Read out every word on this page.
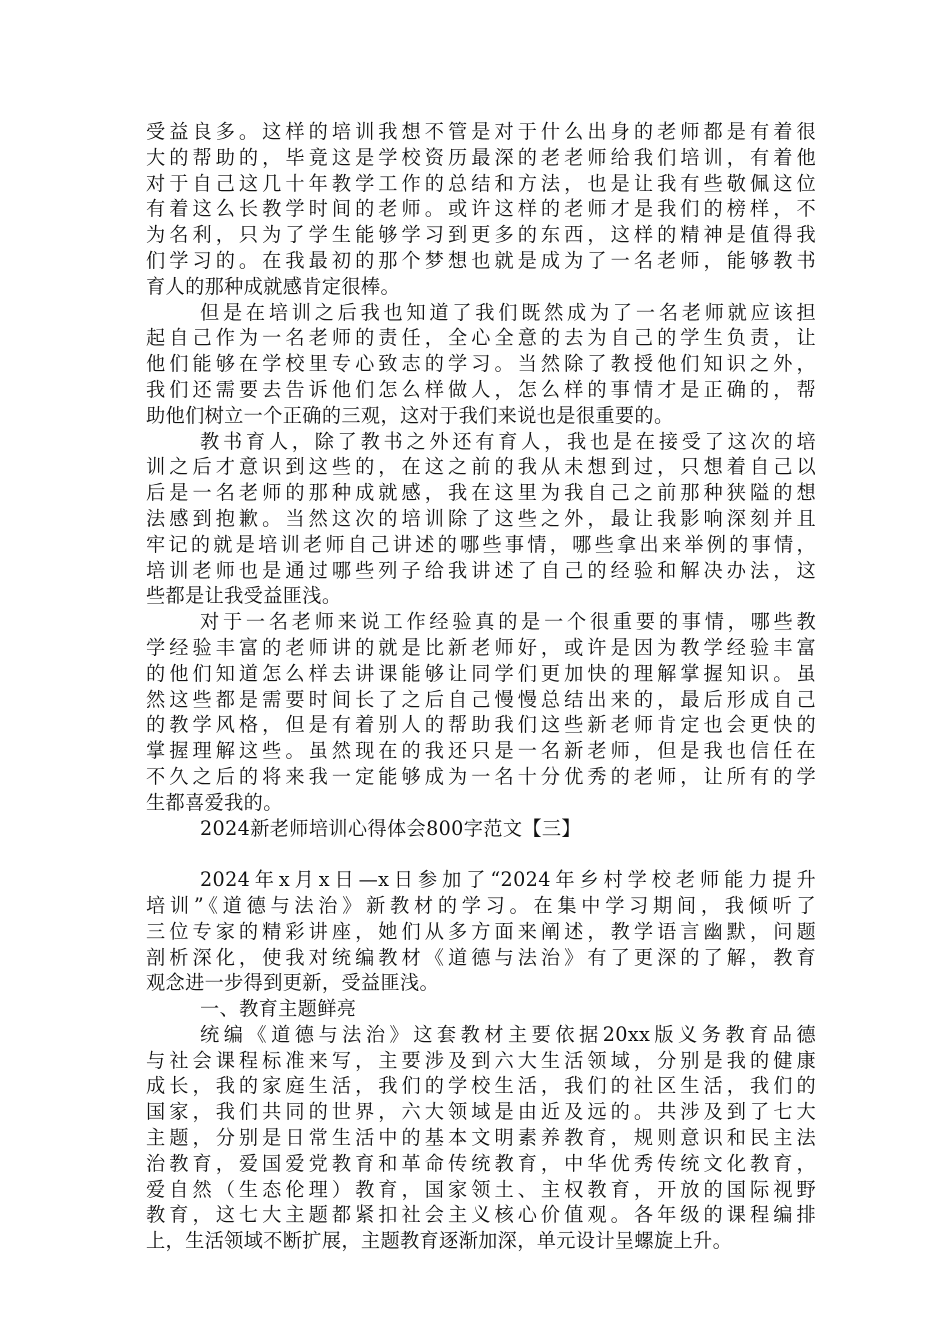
受益良多。这样的培训我想不管是对于什么出身的老师都是有着很
大的帮助的，毕竟这是学校资历最深的老老师给我们培训，有着他
对于自己这几十年教学工作的总结和方法，也是让我有些敬佩这位
有着这么长教学时间的老师。或许这样的老师才是我们的榜样，不
为名利，只为了学生能够学习到更多的东西，这样的精神是值得我
们学习的。在我最初的那个梦想也就是成为了一名老师，能够教书
育人的那种成就感肯定很棒。
但是在培训之后我也知道了我们既然成为了一名老师就应该担
起自己作为一名老师的责任，全心全意的去为自己的学生负责，让
他们能够在学校里专心致志的学习。当然除了教授他们知识之外，
我们还需要去告诉他们怎么样做人，怎么样的事情才是正确的，帮
助他们树立一个正确的三观，这对于我们来说也是很重要的。
教书育人，除了教书之外还有育人，我也是在接受了这次的培
训之后才意识到这些的，在这之前的我从未想到过，只想着自己以
后是一名老师的那种成就感，我在这里为我自己之前那种狭隘的想
法感到抱歉。当然这次的培训除了这些之外，最让我影响深刻并且
牢记的就是培训老师自己讲述的哪些事情，哪些拿出来举例的事情，
培训老师也是通过哪些列子给我讲述了自己的经验和解决办法，这
些都是让我受益匪浅。
对于一名老师来说工作经验真的是一个很重要的事情，哪些教
学经验丰富的老师讲的就是比新老师好，或许是因为教学经验丰富
的他们知道怎么样去讲课能够让同学们更加快的理解掌握知识。虽
然这些都是需要时间长了之后自己慢慢总结出来的，最后形成自己
的教学风格，但是有着别人的帮助我们这些新老师肯定也会更快的
掌握理解这些。虽然现在的我还只是一名新老师，但是我也信任在
不久之后的将来我一定能够成为一名十分优秀的老师，让所有的学
生都喜爱我的。
2024新老师培训心得体会800字范文【三】
2024年x月x日—x日参加了“2024年乡村学校老师能力提升
培训”《道德与法治》新教材的学习。在集中学习期间，我倾听了
三位专家的精彩讲座，她们从多方面来阐述，教学语言幽默，问题
剖析深化，使我对统编教材《道德与法治》有了更深的了解，教育
观念进一步得到更新，受益匪浅。
一、教育主题鲜亮
统编《道德与法治》这套教材主要依据20xx版义务教育品德
与社会课程标准来写，主要涉及到六大生活领域，分别是我的健康
成长，我的家庭生活，我们的学校生活，我们的社区生活，我们的
国家，我们共同的世界，六大领域是由近及远的。共涉及到了七大
主题，分别是日常生活中的基本文明素养教育，规则意识和民主法
治教育，爱国爱党教育和革命传统教育，中华优秀传统文化教育，
爱自然（生态伦理）教育，国家领土、主权教育，开放的国际视野
教育，这七大主题都紧扣社会主义核心价值观。各年级的课程编排
上，生活领域不断扩展，主题教育逐渐加深，单元设计呈螺旋上升。
